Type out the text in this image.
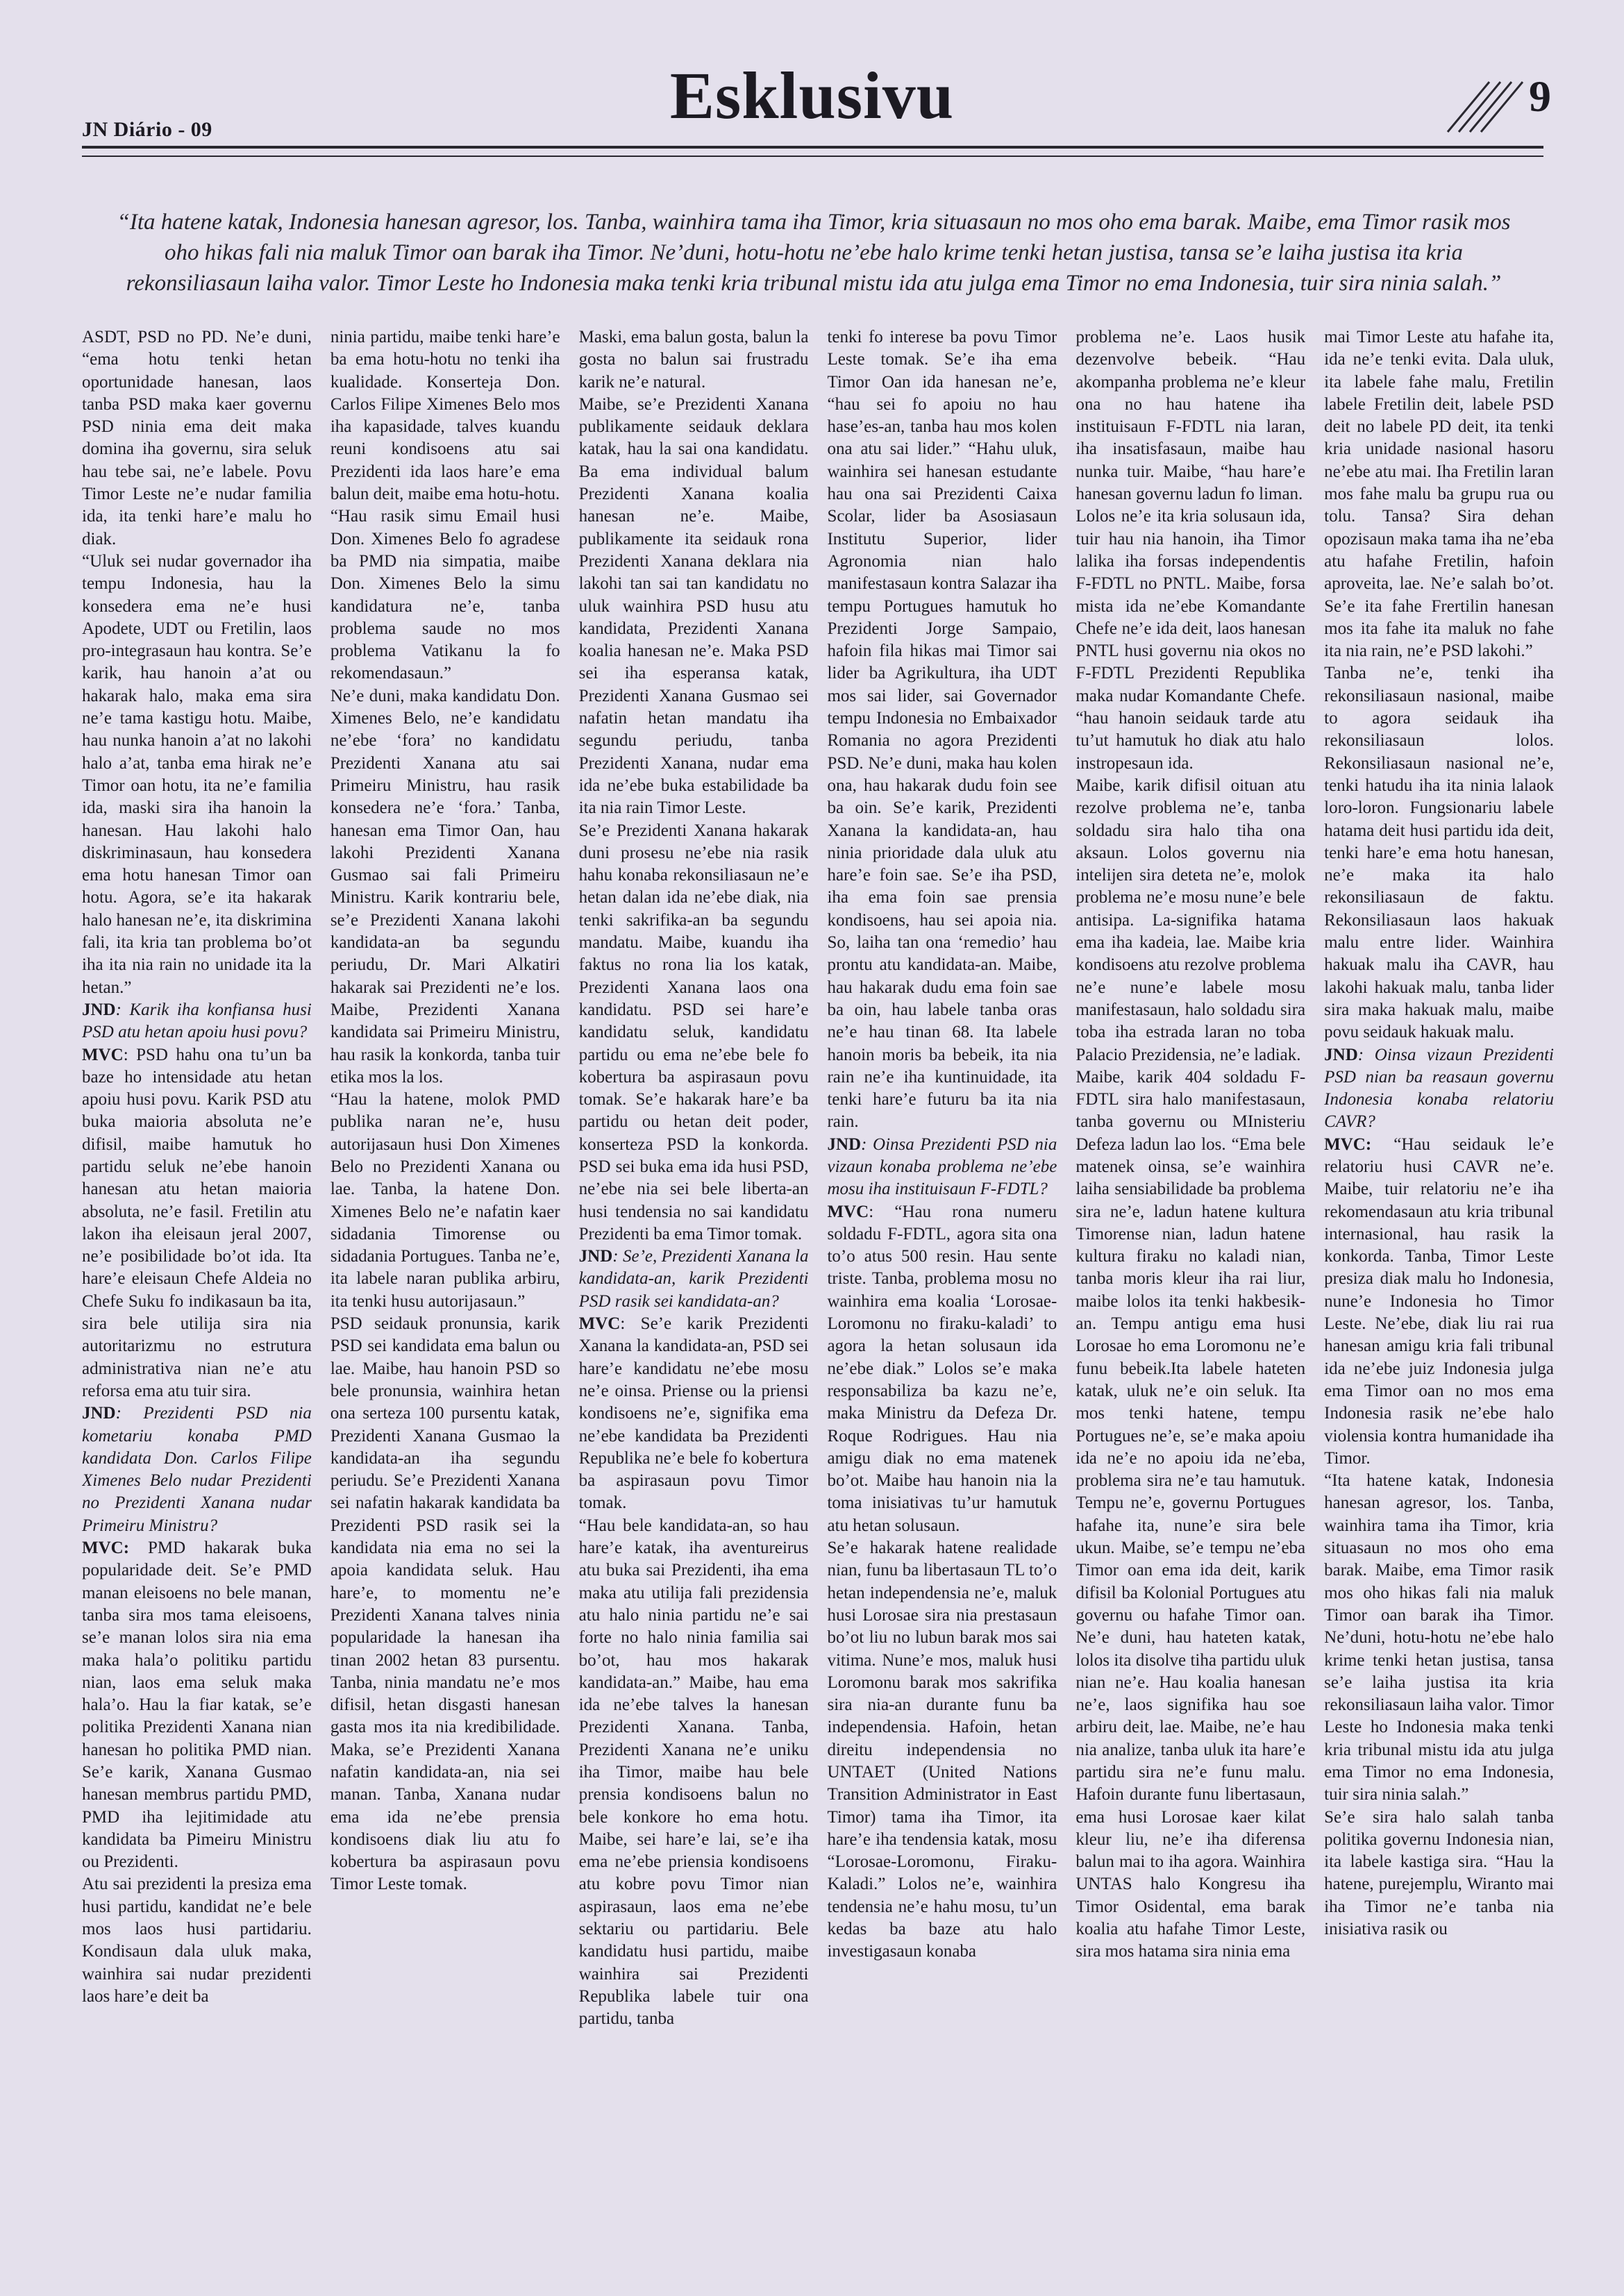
JN Diário - 09	Esklusivu	9
“Ita hatene katak, Indonesia hanesan agresor, los. Tanba, wainhira tama iha Timor, kria situasaun no mos oho ema barak. Maibe, ema Timor rasik mos oho hikas fali nia maluk Timor oan barak iha Timor. Ne’duni, hotu-hotu ne’ebe halo krime tenki hetan justisa, tansa se’e laiha justisa ita kria rekonsiliasaun laiha valor. Timor Leste ho Indonesia maka tenki kria tribunal mistu ida atu julga ema Timor no ema Indonesia, tuir sira ninia salah.”

ASDT, PSD no PD. Ne’e duni, “ema hotu tenki hetan oportunidade hanesan, laos tanba PSD maka kaer governu PSD ninia ema deit maka domina iha governu, sira seluk hau tebe sai, ne’e labele. Povu Timor Leste ne’e nudar familia ida, ita tenki hare’e malu ho diak.

“Uluk sei nudar governador iha tempu Indonesia, hau la konsedera ema ne’e husi Apodete, UDT ou Fretilin, laos pro-integrasaun hau kontra. Se’e karik, hau hanoin a’at ou hakarak halo, maka ema sira ne’e tama kastigu hotu. Maibe, hau nunka hanoin a’at no lakohi halo a’at, tanba ema hirak ne’e Timor oan hotu, ita ne’e familia ida, maski sira iha hanoin la hanesan. Hau lakohi halo diskriminasaun, hau konsedera ema hotu hanesan Timor oan hotu. Agora, se’e ita hakarak halo hanesan ne’e, ita diskrimina fali, ita kria tan problema bo’ot iha ita nia rain no unidade ita la hetan.”

JND: Karik iha konfiansa husi PSD atu hetan apoiu husi povu?

MVC: PSD hahu ona tu’un ba baze ho intensidade atu hetan apoiu husi povu. Karik PSD atu buka maioria absoluta ne’e difisil, maibe hamutuk ho partidu seluk ne’ebe hanoin hanesan atu hetan maioria absoluta, ne’e fasil. Fretilin atu lakon iha eleisaun jeral 2007, ne’e posibilidade bo’ot ida. Ita hare’e eleisaun Chefe Aldeia no Chefe Suku fo indikasaun ba ita, sira bele utilija sira nia autoritarizmu no estrutura administrativa nian ne’e atu reforsa ema atu tuir sira.

JND: Prezidenti PSD nia kometariu konaba PMD kandidata Don. Carlos Filipe Ximenes Belo nudar Prezidenti no Prezidenti Xanana nudar Primeiru Ministru?

MVC: PMD hakarak buka popularidade deit. Se’e PMD manan eleisoens no bele manan, tanba sira mos tama eleisoens, se’e manan lolos sira nia ema maka hala’o politiku partidu nian, laos ema seluk maka hala’o. Hau la fiar katak, se’e politika Prezidenti Xanana nian hanesan ho politika PMD nian. Se’e karik, Xanana Gusmao hanesan membrus partidu PMD, PMD iha lejitimidade atu kandidata ba Pimeiru Ministru ou Prezidenti.

Atu sai prezidenti la presiza ema husi partidu, kandidat ne’e bele mos laos husi partidariu. Kondisaun dala uluk maka, wainhira sai nudar prezidenti laos hare’e deit ba

ninia partidu, maibe tenki hare’e ba ema hotu-hotu no tenki iha kualidade. Konserteja Don. Carlos Filipe Ximenes Belo mos iha kapasidade, talves kuandu reuni kondisoens atu sai Prezidenti ida laos hare’e ema balun deit, maibe ema hotu-hotu.

“Hau rasik simu Email husi Don. Ximenes Belo fo agradese ba PMD nia simpatia, maibe Don. Ximenes Belo la simu kandidatura ne’e, tanba problema saude no mos problema Vatikanu la fo rekomendasaun.”

Ne’e duni, maka kandidatu Don. Ximenes Belo, ne’e kandidatu ne’ebe ‘fora’ no kandidatu Prezidenti Xanana atu sai Primeiru Ministru, hau rasik konsedera ne’e ‘fora.’ Tanba, hanesan ema Timor Oan, hau lakohi Prezidenti Xanana Gusmao sai fali Primeiru Ministru. Karik kontrariu bele, se’e Prezidenti Xanana lakohi kandidata-an ba segundu periudu, Dr. Mari Alkatiri hakarak sai Prezidenti ne’e los. Maibe, Prezidenti Xanana kandidata sai Primeiru Ministru, hau rasik la konkorda, tanba tuir etika mos la los.

“Hau la hatene, molok PMD publika naran ne’e, husu autorijasaun husi Don Ximenes Belo no Prezidenti Xanana ou lae. Tanba, la hatene Don. Ximenes Belo ne’e nafatin kaer sidadania Timorense ou sidadania Portugues. Tanba ne’e, ita labele naran publika arbiru, ita tenki husu autorijasaun.”

PSD seidauk pronunsia, karik PSD sei kandidata ema balun ou lae. Maibe, hau hanoin PSD so bele pronunsia, wainhira hetan ona serteza 100 pursentu katak, Prezidenti Xanana Gusmao la kandidata-an iha segundu periudu. Se’e Prezidenti Xanana sei nafatin hakarak kandidata ba Prezidenti PSD rasik sei la kandidata nia ema no sei la apoia kandidata seluk. Hau hare’e, to momentu ne’e Prezidenti Xanana talves ninia popularidade la hanesan iha tinan 2002 hetan 83 pursentu. Tanba, ninia mandatu ne’e mos difisil, hetan disgasti hanesan gasta mos ita nia kredibilidade. Maka, se’e Prezidenti Xanana nafatin kandidata-an, nia sei manan. Tanba, Xanana nudar ema ida ne’ebe prensia kondisoens diak liu atu fo kobertura ba aspirasaun povu Timor Leste tomak.

Maski, ema balun gosta, balun la gosta no balun sai frustradu karik ne’e natural.

Maibe, se’e Prezidenti Xanana publikamente seidauk deklara katak, hau la sai ona kandidatu. Ba ema individual balum Prezidenti Xanana koalia hanesan ne’e. Maibe, publikamente ita seidauk rona Prezidenti Xanana deklara nia lakohi tan sai tan kandidatu no uluk wainhira PSD husu atu kandidata, Prezidenti Xanana koalia hanesan ne’e. Maka PSD sei iha esperansa katak, Prezidenti Xanana Gusmao sei nafatin hetan mandatu iha segundu periudu, tanba Prezidenti Xanana, nudar ema ida ne’ebe buka estabilidade ba ita nia rain Timor Leste.

Se’e Prezidenti Xanana hakarak duni prosesu ne’ebe nia rasik hahu konaba rekonsiliasaun ne’e hetan dalan ida ne’ebe diak, nia tenki sakrifika-an ba segundu mandatu. Maibe, kuandu iha faktus no rona lia los katak, Prezidenti Xanana laos ona kandidatu. PSD sei hare’e kandidatu seluk, kandidatu partidu ou ema ne’ebe bele fo kobertura ba aspirasaun povu tomak. Se’e hakarak hare’e ba partidu ou hetan deit poder, konserteza PSD la konkorda. PSD sei buka ema ida husi PSD, ne’ebe nia sei bele liberta-an husi tendensia no sai kandidatu Prezidenti ba ema Timor tomak.

JND: Se’e, Prezidenti Xanana la kandidata-an, karik Prezidenti PSD rasik sei kandidata-an?

MVC: Se’e karik Prezidenti Xanana la kandidata-an, PSD sei hare’e kandidatu ne’ebe mosu ne’e oinsa. Priense ou la priensi kondisoens ne’e, signifika ema ne’ebe kandidata ba Prezidenti Republika ne’e bele fo kobertura ba aspirasaun povu Timor tomak.

“Hau bele kandidata-an, so hau hare’e katak, iha aventureirus atu buka sai Prezidenti, iha ema maka atu utilija fali prezidensia atu halo ninia partidu ne’e sai forte no halo ninia familia sai bo’ot, hau mos hakarak kandidata-an.” Maibe, hau ema ida ne’ebe talves la hanesan Prezidenti Xanana. Tanba, Prezidenti Xanana ne’e uniku iha Timor, maibe hau bele prensia kondisoens balun no bele konkore ho ema hotu. Maibe, sei hare’e lai, se’e iha ema ne’ebe priensia kondisoens atu kobre povu Timor nian aspirasaun, laos ema ne’ebe sektariu ou partidariu. Bele kandidatu husi partidu, maibe wainhira sai Prezidenti Republika labele tuir ona partidu, tanba

tenki fo interese ba povu Timor Leste tomak. Se’e iha ema Timor Oan ida hanesan ne’e, “hau sei fo apoiu no hau hase’es-an, tanba hau mos kolen ona atu sai lider.” “Hahu uluk, wainhira sei hanesan estudante hau ona sai Prezidenti Caixa Scolar, lider ba Asosiasaun Institutu Superior, lider Agronomia nian halo manifestasaun kontra Salazar iha tempu Portugues hamutuk ho Prezidenti Jorge Sampaio, hafoin fila hikas mai Timor sai lider ba Agrikultura, iha UDT mos sai lider, sai Governador tempu Indonesia no Embaixador Romania no agora Prezidenti PSD. Ne’e duni, maka hau kolen ona, hau hakarak dudu foin see ba oin. Se’e karik, Prezidenti Xanana la kandidata-an, hau ninia prioridade dala uluk atu hare’e foin sae. Se’e iha PSD, iha ema foin sae prensia kondisoens, hau sei apoia nia. So, laiha tan ona ‘remedio’ hau prontu atu kandidata-an. Maibe, hau hakarak dudu ema foin sae ba oin, hau labele tanba oras ne’e hau tinan 68. Ita labele hanoin moris ba bebeik, ita nia rain ne’e iha kuntinuidade, ita tenki hare’e futuru ba ita nia rain.

JND: Oinsa Prezidenti PSD nia vizaun konaba problema ne’ebe mosu iha instituisaun F-FDTL?

MVC: “Hau rona numeru soldadu F-FDTL, agora sita ona to’o atus 500 resin. Hau sente triste. Tanba, problema mosu no wainhira ema koalia ‘Lorosae-Loromonu no firaku-kaladi’ to agora la hetan solusaun ida ne’ebe diak.” Lolos se’e maka responsabiliza ba kazu ne’e, maka Ministru da Defeza Dr. Roque Rodrigues. Hau nia amigu diak no ema matenek bo’ot. Maibe hau hanoin nia la toma inisiativas tu’ur hamutuk atu hetan solusaun.

Se’e hakarak hatene realidade nian, funu ba libertasaun TL to’o hetan independensia ne’e, maluk husi Lorosae sira nia prestasaun bo’ot liu no lubun barak mos sai vitima. Nune’e mos, maluk husi Loromonu barak mos sakrifika sira nia-an durante funu ba independensia. Hafoin, hetan direitu independensia no UNTAET (United Nations Transition Administrator in East Timor) tama iha Timor, ita hare’e iha tendensia katak, mosu “Lorosae-Loromonu, Firaku-Kaladi.” Lolos ne’e, wainhira tendensia ne’e hahu mosu, tu’un kedas ba baze atu halo investigasaun konaba

problema ne’e. Laos husik dezenvolve bebeik. “Hau akompanha problema ne’e kleur ona no hau hatene iha instituisaun F-FDTL nia laran, iha insatisfasaun, maibe hau nunka tuir. Maibe, “hau hare’e hanesan governu ladun fo liman.

Lolos ne’e ita kria solusaun ida, tuir hau nia hanoin, iha Timor lalika iha forsas independentis F-FDTL no PNTL. Maibe, forsa mista ida ne’ebe Komandante Chefe ne’e ida deit, laos hanesan PNTL husi governu nia okos no F-FDTL Prezidenti Republika maka nudar Komandante Chefe. “hau hanoin seidauk tarde atu tu’ut hamutuk ho diak atu halo instropesaun ida.

Maibe, karik difisil oituan atu rezolve problema ne’e, tanba soldadu sira halo tiha ona aksaun. Lolos governu nia intelijen sira deteta ne’e, molok problema ne’e mosu nune’e bele antisipa. La-signifika hatama ema iha kadeia, lae. Maibe kria kondisoens atu rezolve problema ne’e nune’e labele mosu manifestasaun, halo soldadu sira toba iha estrada laran no toba Palacio Prezidensia, ne’e ladiak.

Maibe, karik 404 soldadu F-FDTL sira halo manifestasaun, tanba governu ou MInisteriu Defeza ladun lao los. “Ema bele matenek oinsa, se’e wainhira laiha sensiabilidade ba problema sira ne’e, ladun hatene kultura Timorense nian, ladun hatene kultura firaku no kaladi nian, tanba moris kleur iha rai liur, maibe lolos ita tenki hakbesik-an. Tempu antigu ema husi Lorosae ho ema Loromonu ne’e funu bebeik.Ita labele hateten katak, uluk ne’e oin seluk. Ita mos tenki hatene, tempu Portugues ne’e, se’e maka apoiu ida ne’e no apoiu ida ne’eba, problema sira ne’e tau hamutuk. Tempu ne’e, governu Portugues hafahe ita, nune’e sira bele ukun. Maibe, se’e tempu ne’eba Timor oan ema ida deit, karik difisil ba Kolonial Portugues atu governu ou hafahe Timor oan. Ne’e duni, hau hateten katak, lolos ita disolve tiha partidu uluk nian ne’e. Hau koalia hanesan ne’e, laos signifika hau soe arbiru deit, lae. Maibe, ne’e hau nia analize, tanba uluk ita hare’e partidu sira ne’e funu malu. Hafoin durante funu libertasaun, ema husi Lorosae kaer kilat kleur liu, ne’e iha diferensa balun mai to iha agora. Wainhira UNTAS halo Kongresu iha Timor Osidental, ema barak koalia atu hafahe Timor Leste, sira mos hatama sira ninia ema

mai Timor Leste atu hafahe ita, ida ne’e tenki evita. Dala uluk, ita labele fahe malu, Fretilin labele Fretilin deit, labele PSD deit no labele PD deit, ita tenki kria unidade nasional hasoru ne’ebe atu mai. Iha Fretilin laran mos fahe malu ba grupu rua ou tolu. Tansa? Sira dehan opozisaun maka tama iha ne’eba atu hafahe Fretilin, hafoin aproveita, lae. Ne’e salah bo’ot. Se’e ita fahe Frertilin hanesan mos ita fahe ita maluk no fahe ita nia rain, ne’e PSD lakohi.”

Tanba ne’e, tenki iha rekonsiliasaun nasional, maibe to agora seidauk iha rekonsiliasaun lolos. Rekonsiliasaun nasional ne’e, tenki hatudu iha ita ninia lalaok loro-loron. Fungsionariu labele hatama deit husi partidu ida deit, tenki hare’e ema hotu hanesan, ne’e maka ita halo rekonsiliasaun de faktu. Rekonsiliasaun laos hakuak malu entre lider. Wainhira hakuak malu iha CAVR, hau lakohi hakuak malu, tanba lider sira maka hakuak malu, maibe povu seidauk hakuak malu.

JND: Oinsa vizaun Prezidenti PSD nian ba reasaun governu Indonesia konaba relatoriu CAVR?

MVC: “Hau seidauk le’e relatoriu husi CAVR ne’e. Maibe, tuir relatoriu ne’e iha rekomendasaun atu kria tribunal internasional, hau rasik la konkorda. Tanba, Timor Leste presiza diak malu ho Indonesia, nune’e Indonesia ho Timor Leste. Ne’ebe, diak liu rai rua hanesan amigu kria fali tribunal ida ne’ebe juiz Indonesia julga ema Timor oan no mos ema Indonesia rasik ne’ebe halo violensia kontra humanidade iha Timor.

“Ita hatene katak, Indonesia hanesan agresor, los. Tanba, wainhira tama iha Timor, kria situasaun no mos oho ema barak. Maibe, ema Timor rasik mos oho hikas fali nia maluk Timor oan barak iha Timor. Ne’duni, hotu-hotu ne’ebe halo krime tenki hetan justisa, tansa se’e laiha justisa ita kria rekonsiliasaun laiha valor. Timor Leste ho Indonesia maka tenki kria tribunal mistu ida atu julga ema Timor no ema Indonesia, tuir sira ninia salah.”

Se’e sira halo salah tanba politika governu Indonesia nian, ita labele kastiga sira. “Hau la hatene, purejemplu, Wiranto mai iha Timor ne’e tanba nia inisiativa rasik ou
